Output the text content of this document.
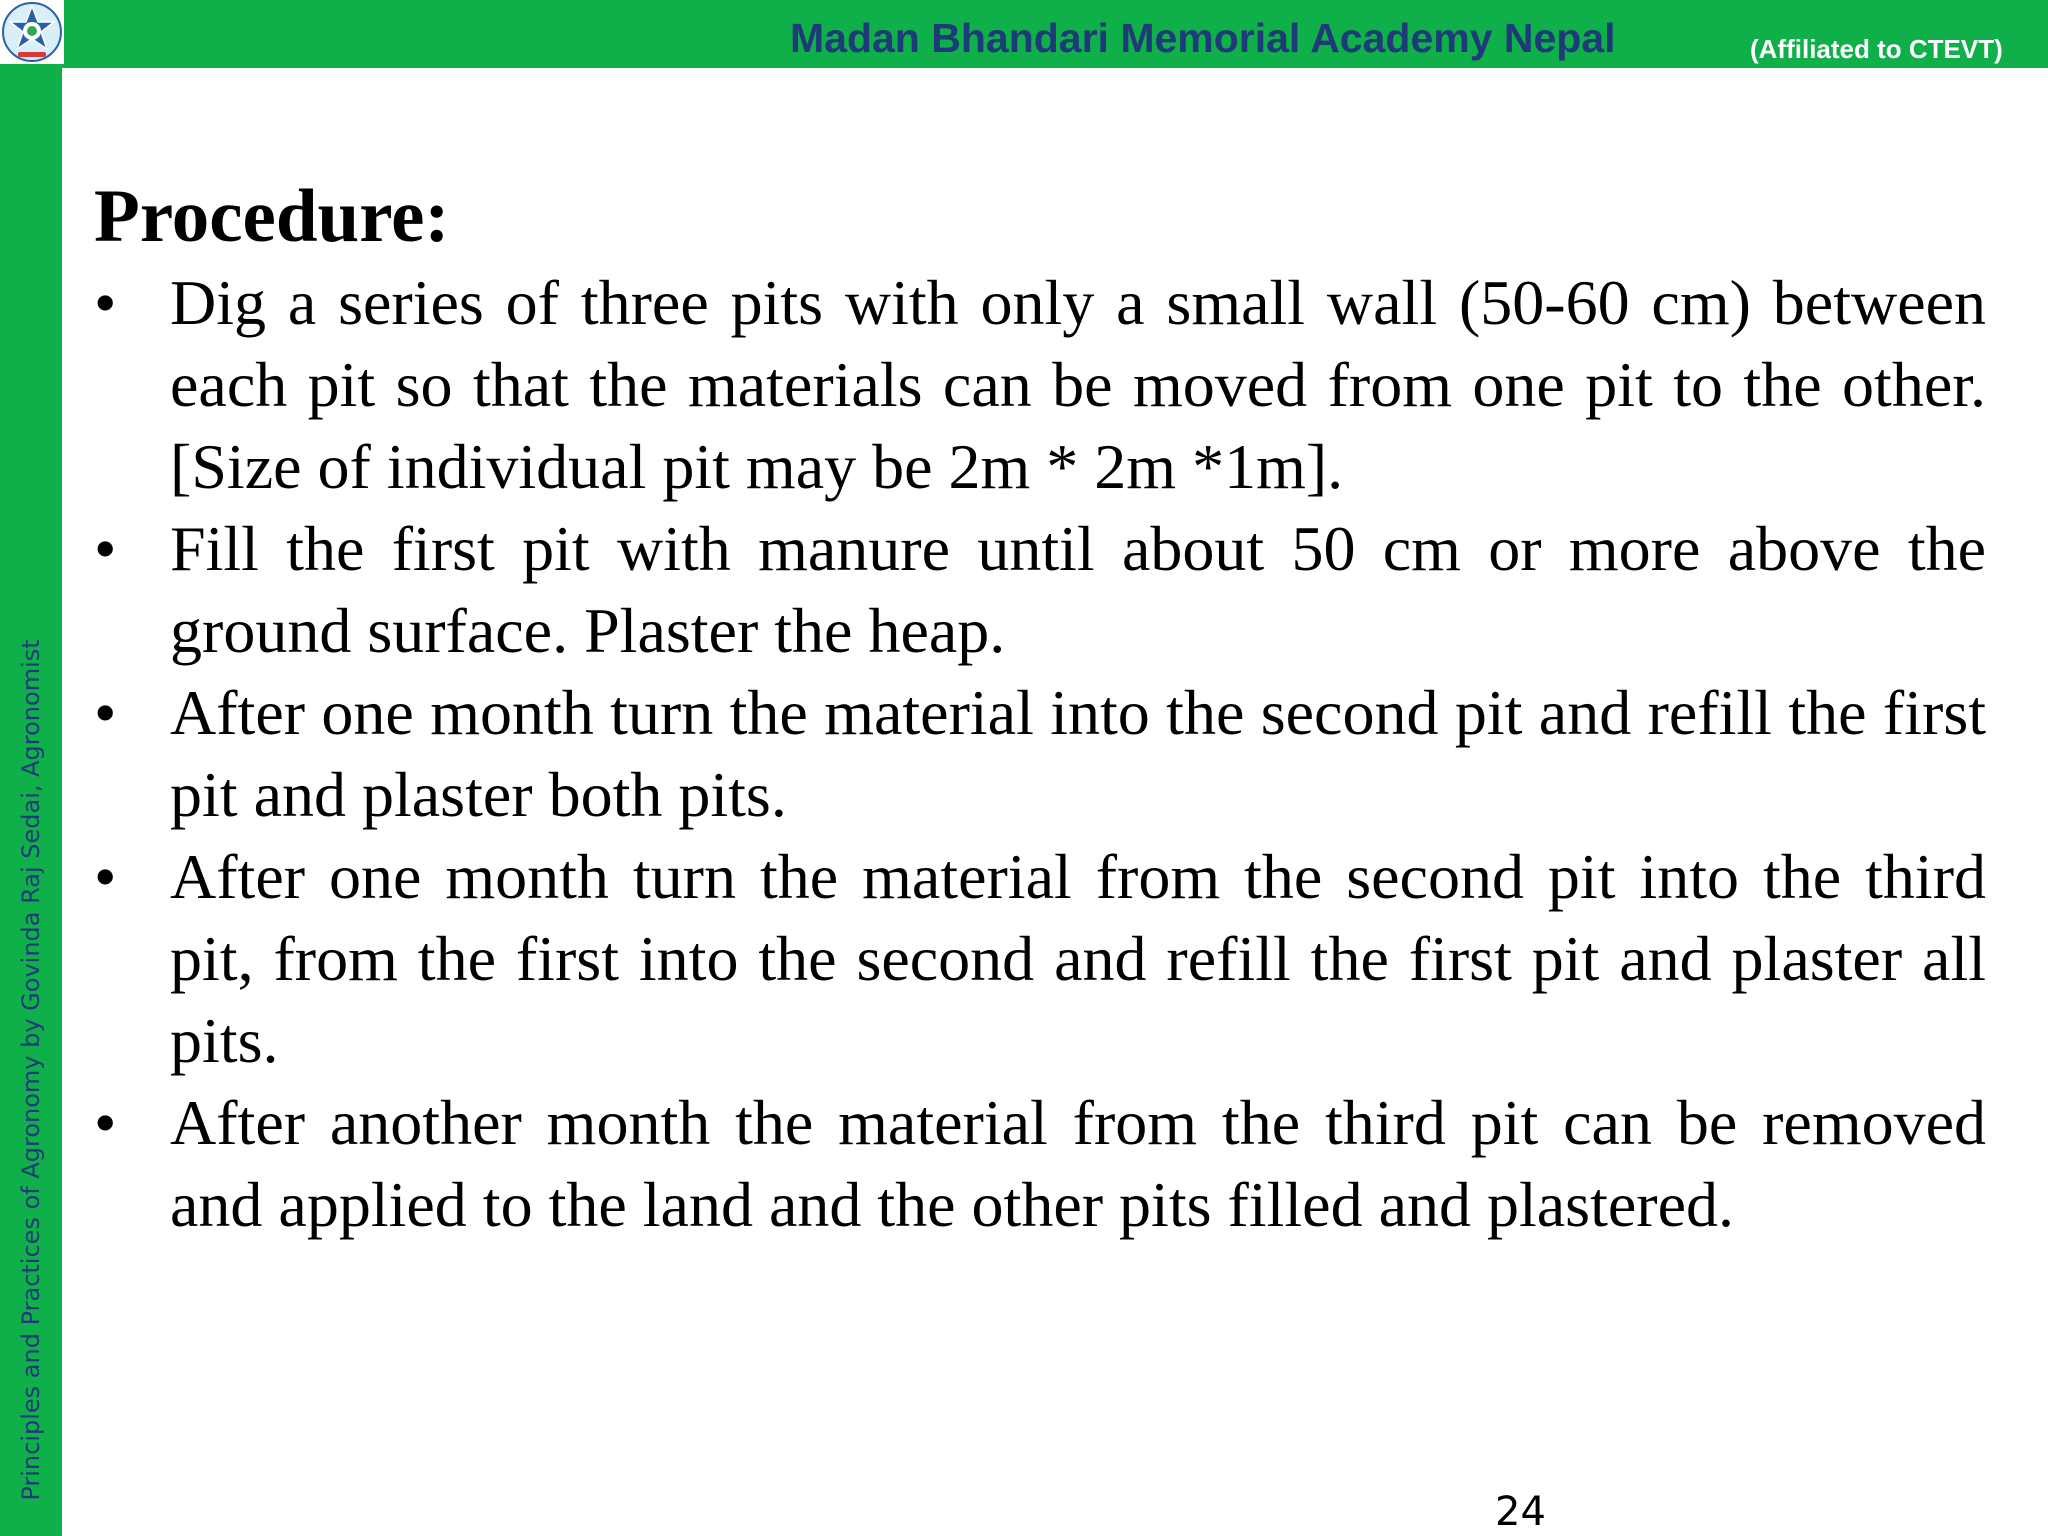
Madan Bhandari Memorial Academy Nepal	(Affiliated to CTEVT)
Principles and Practices of Agronomy by Govinda Raj Sedai, Agronomist
Procedure:
• Dig a series of three pits with only a small wall (50-60 cm) between each pit so that the materials can be moved from one pit to the other. [Size of individual pit may be 2m * 2m *1m].
• Fill the first pit with manure until about 50 cm or more above the ground surface. Plaster the heap.
• After one month turn the material into the second pit and refill the first pit and plaster both pits.
• After one month turn the material from the second pit into the third pit, from the first into the second and refill the first pit and plaster all pits.
• After another month the material from the third pit can be removed and applied to the land and the other pits filled and plastered.
24
